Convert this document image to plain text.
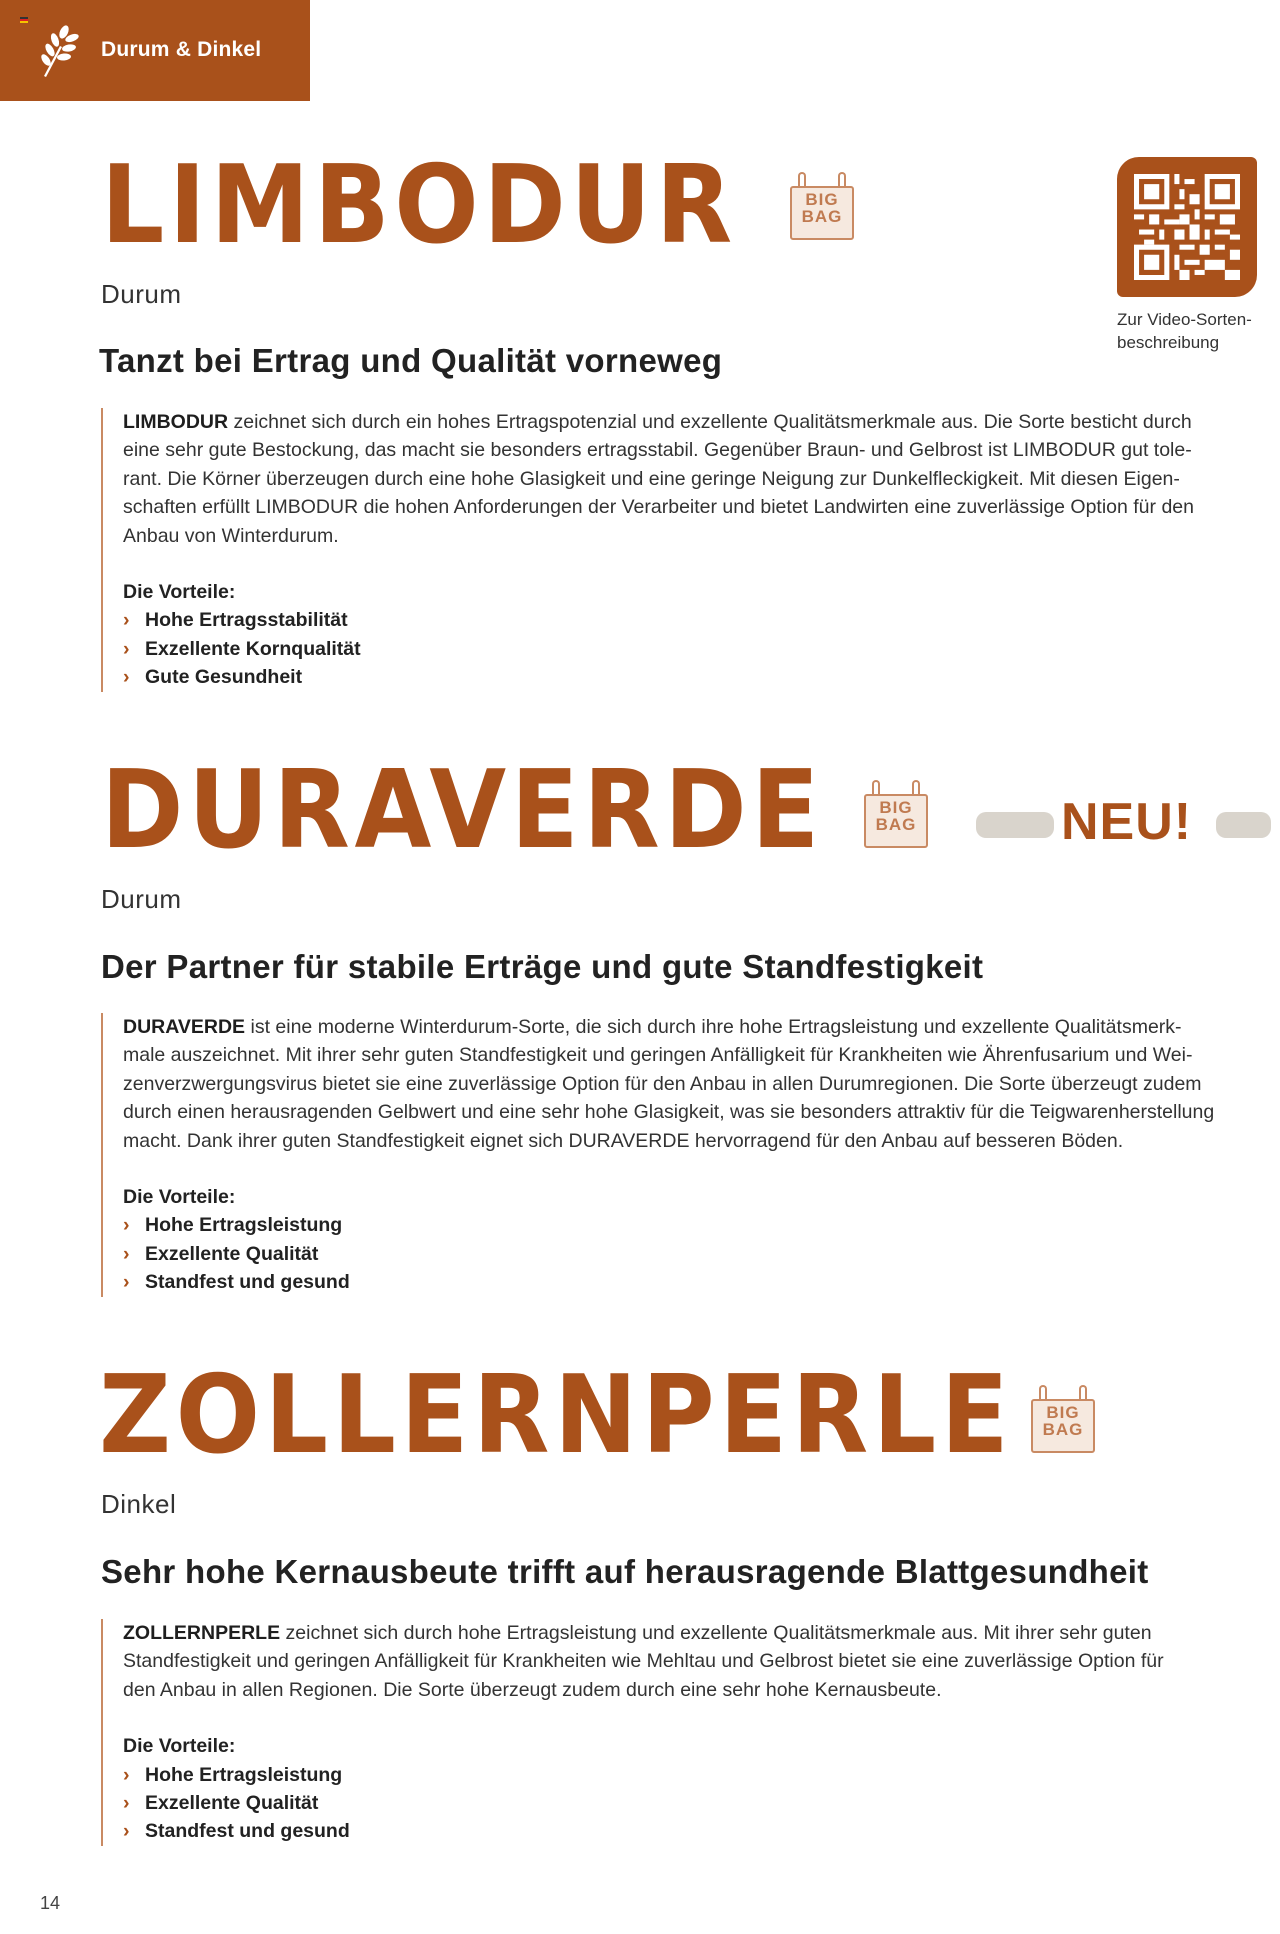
Durum & Dinkel
Zur Video-Sorten-
beschreibung
LIMBODUR	BIG
BAG
Durum
Tanzt bei Ertrag und Qualität vorneweg

LIMBODUR zeichnet sich durch ein hohes Ertragspotenzial und exzellente Qualitätsmerkmale aus. Die Sorte besticht durch
eine sehr gute Bestockung, das macht sie besonders ertragsstabil. Gegenüber Braun- und Gelbrost ist LIMBODUR gut tole-
rant. Die Körner überzeugen durch eine hohe Glasigkeit und eine geringe Neigung zur Dunkelfleckigkeit. Mit diesen Eigen-
schaften erfüllt LIMBODUR die hohen Anforderungen der Verarbeiter und bietet Landwirten eine zuverlässige Option für den
Anbau von Winterdurum.

Die Vorteile:
› Hohe Ertragsstabilität
› Exzellente Kornqualität
› Gute Gesundheit
DURAVERDE	BIG
BAG	NEU!
Durum
Der Partner für stabile Erträge und gute Standfestigkeit

DURAVERDE ist eine moderne Winterdurum-Sorte, die sich durch ihre hohe Ertragsleistung und exzellente Qualitätsmerk-
male auszeichnet. Mit ihrer sehr guten Standfestigkeit und geringen Anfälligkeit für Krankheiten wie Ährenfusarium und Wei-
zenverzwergungsvirus bietet sie eine zuverlässige Option für den Anbau in allen Durumregionen. Die Sorte überzeugt zudem
durch einen herausragenden Gelbwert und eine sehr hohe Glasigkeit, was sie besonders attraktiv für die Teigwarenherstellung
macht. Dank ihrer guten Standfestigkeit eignet sich DURAVERDE hervorragend für den Anbau auf besseren Böden.

Die Vorteile:
› Hohe Ertragsleistung
› Exzellente Qualität
› Standfest und gesund
ZOLLERNPERLE	BIG
BAG
Dinkel
Sehr hohe Kernausbeute trifft auf herausragende Blattgesundheit

ZOLLERNPERLE zeichnet sich durch hohe Ertragsleistung und exzellente Qualitätsmerkmale aus. Mit ihrer sehr guten
Standfestigkeit und geringen Anfälligkeit für Krankheiten wie Mehltau und Gelbrost bietet sie eine zuverlässige Option für
den Anbau in allen Regionen. Die Sorte überzeugt zudem durch eine sehr hohe Kernausbeute.

Die Vorteile:
› Hohe Ertragsleistung
› Exzellente Qualität
› Standfest und gesund
14
